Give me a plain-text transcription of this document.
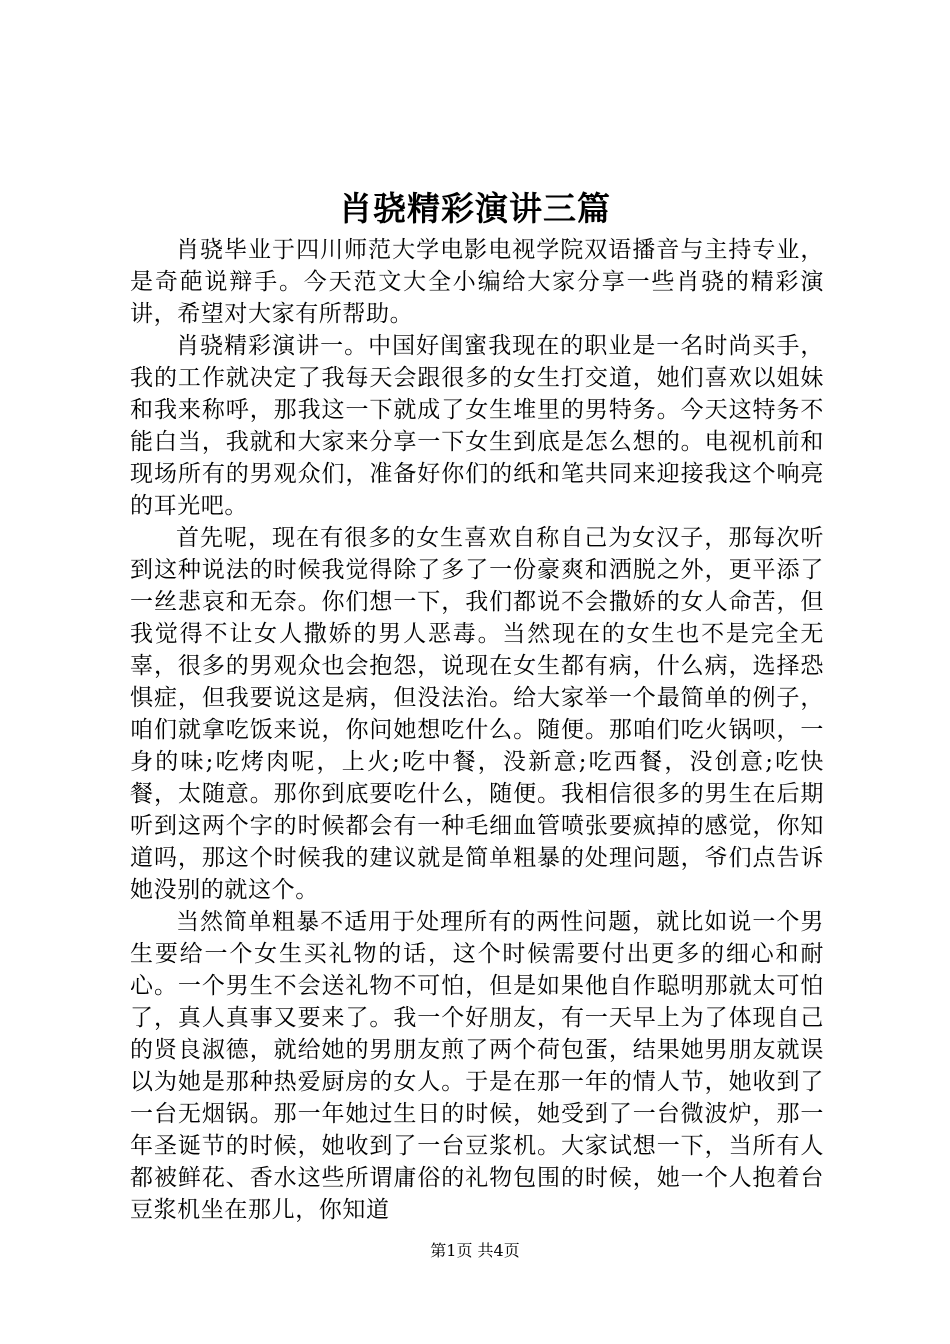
肖骁精彩演讲三篇

肖骁毕业于四川师范大学电影电视学院双语播音与主持专业，是奇葩说辩手。今天范文大全小编给大家分享一些肖骁的精彩演讲，希望对大家有所帮助。

肖骁精彩演讲一。中国好闺蜜我现在的职业是一名时尚买手，我的工作就决定了我每天会跟很多的女生打交道，她们喜欢以姐妹和我来称呼，那我这一下就成了女生堆里的男特务。今天这特务不能白当，我就和大家来分享一下女生到底是怎么想的。电视机前和现场所有的男观众们，准备好你们的纸和笔共同来迎接我这个响亮的耳光吧。

首先呢，现在有很多的女生喜欢自称自己为女汉子，那每次听到这种说法的时候我觉得除了多了一份豪爽和洒脱之外，更平添了一丝悲哀和无奈。你们想一下，我们都说不会撒娇的女人命苦，但我觉得不让女人撒娇的男人恶毒。当然现在的女生也不是完全无辜，很多的男观众也会抱怨，说现在女生都有病，什么病，选择恐惧症，但我要说这是病，但没法治。给大家举一个最简单的例子，咱们就拿吃饭来说，你问她想吃什么。随便。那咱们吃火锅呗，一身的味;吃烤肉呢，上火;吃中餐，没新意;吃西餐，没创意;吃快餐，太随意。那你到底要吃什么，随便。我相信很多的男生在后期听到这两个字的时候都会有一种毛细血管喷张要疯掉的感觉，你知道吗，那这个时候我的建议就是简单粗暴的处理问题，爷们点告诉她没别的就这个。

当然简单粗暴不适用于处理所有的两性问题，就比如说一个男生要给一个女生买礼物的话，这个时候需要付出更多的细心和耐心。一个男生不会送礼物不可怕，但是如果他自作聪明那就太可怕了，真人真事又要来了。我一个好朋友，有一天早上为了体现自己的贤良淑德，就给她的男朋友煎了两个荷包蛋，结果她男朋友就误以为她是那种热爱厨房的女人。于是在那一年的情人节，她收到了一台无烟锅。那一年她过生日的时候，她受到了一台微波炉，那一年圣诞节的时候，她收到了一台豆浆机。大家试想一下，当所有人都被鲜花、香水这些所谓庸俗的礼物包围的时候，她一个人抱着台豆浆机坐在那儿，你知道

第1页 共4页
